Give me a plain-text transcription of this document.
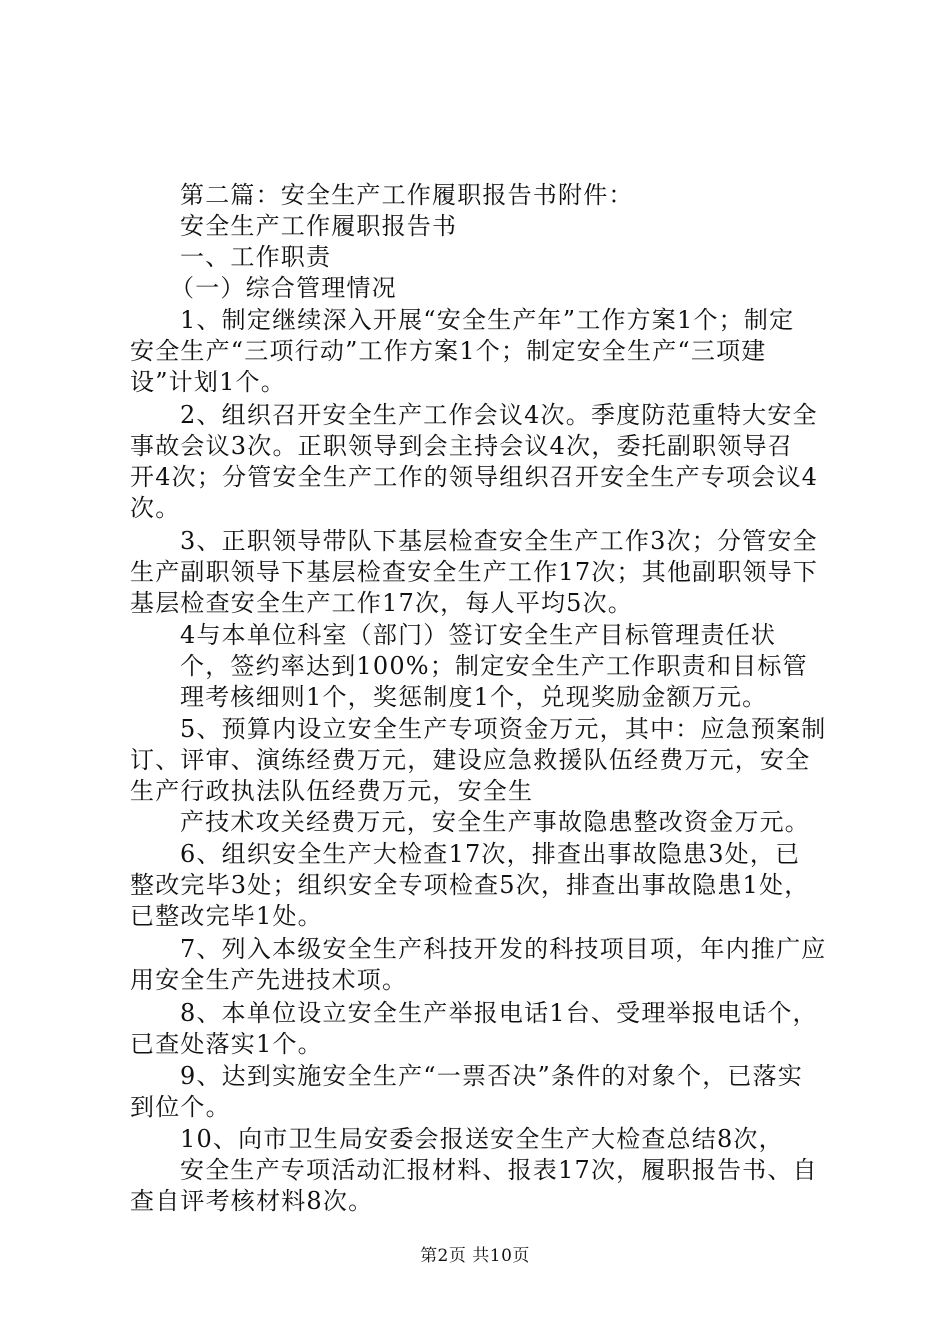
第二篇：安全生产工作履职报告书附件：
安全生产工作履职报告书
一、工作职责
（一）综合管理情况
1、制定继续深入开展“安全生产年”工作方案1个；制定
安全生产“三项行动”工作方案1个；制定安全生产“三项建
设”计划1个。
2、组织召开安全生产工作会议4次。季度防范重特大安全
事故会议3次。正职领导到会主持会议4次，委托副职领导召
开4次；分管安全生产工作的领导组织召开安全生产专项会议4
次。
3、正职领导带队下基层检查安全生产工作3次；分管安全
生产副职领导下基层检查安全生产工作17次；其他副职领导下
基层检查安全生产工作17次，每人平均5次。
4与本单位科室（部门）签订安全生产目标管理责任状
个，签约率达到100%；制定安全生产工作职责和目标管
理考核细则1个，奖惩制度1个，兑现奖励金额万元。
5、预算内设立安全生产专项资金万元，其中：应急预案制
订、评审、演练经费万元，建设应急救援队伍经费万元，安全
生产行政执法队伍经费万元，安全生
产技术攻关经费万元，安全生产事故隐患整改资金万元。
6、组织安全生产大检查17次，排查出事故隐患3处，已
整改完毕3处；组织安全专项检查5次，排查出事故隐患1处，
已整改完毕1处。
7、列入本级安全生产科技开发的科技项目项，年内推广应
用安全生产先进技术项。
8、本单位设立安全生产举报电话1台、受理举报电话个，
已查处落实1个。
9、达到实施安全生产“一票否决”条件的对象个，已落实
到位个。
10、向市卫生局安委会报送安全生产大检查总结8次，
安全生产专项活动汇报材料、报表17次，履职报告书、自
查自评考核材料8次。
第2页 共10页
